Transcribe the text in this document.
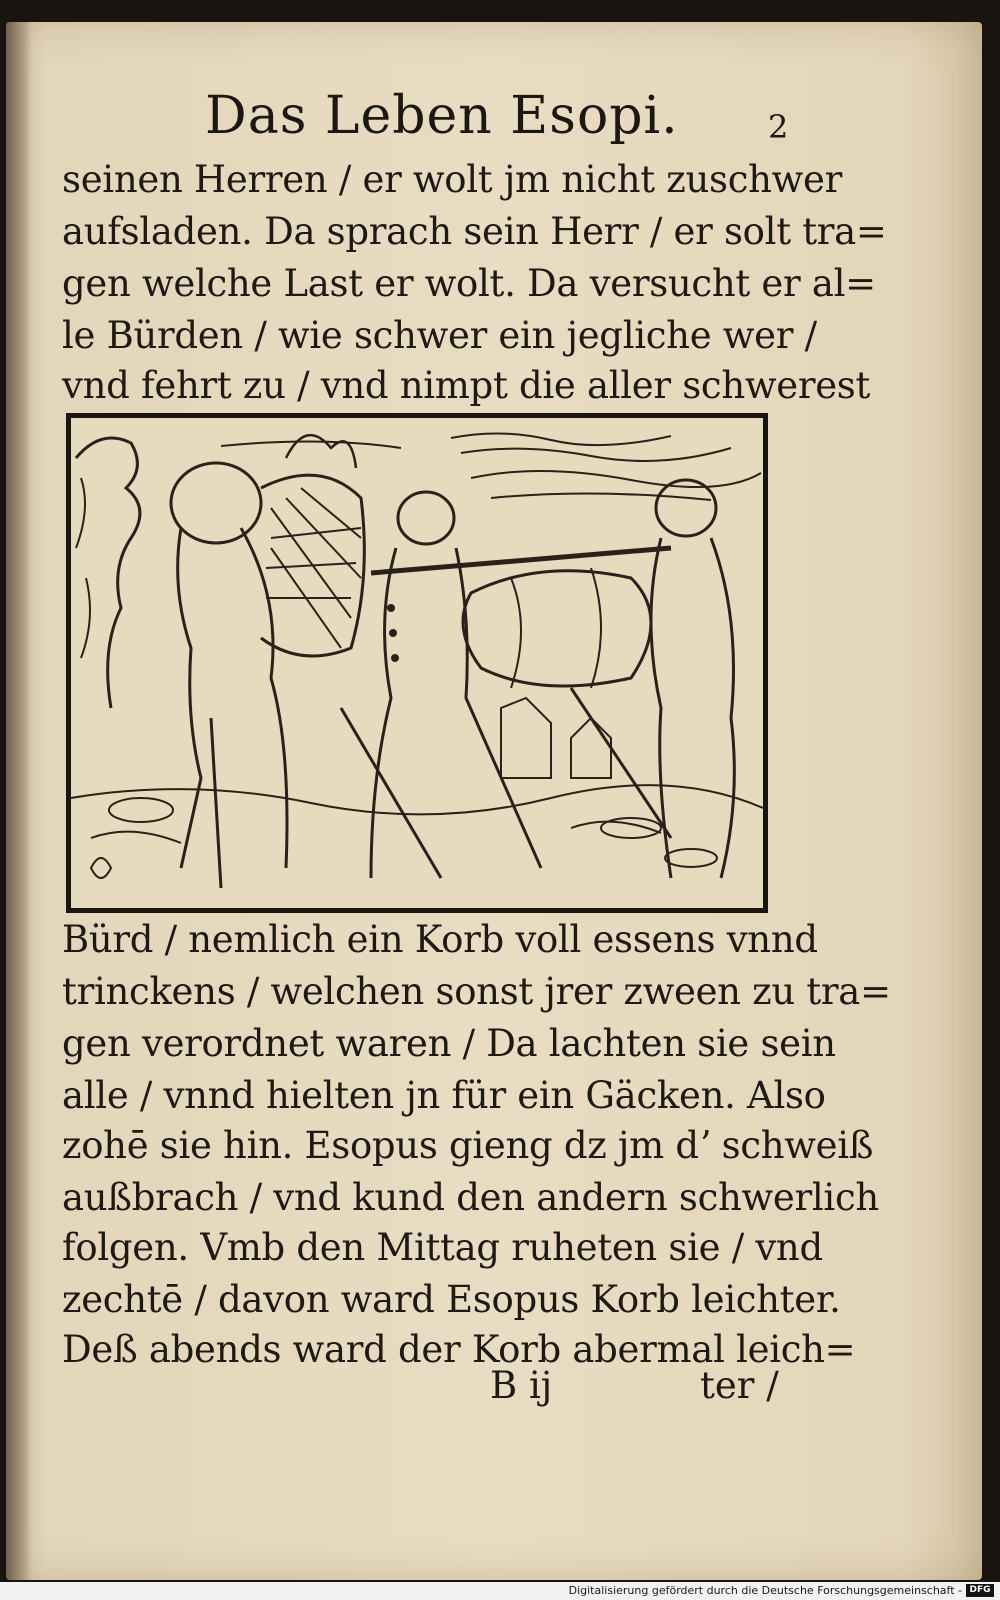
Das Leben Esopi.	2
seinen Herren / er wolt jm nicht zuschwer
aufsladen. Da sprach sein Herr / er solt tra=
gen welche Last er wolt. Da versucht er al=
le Bürden / wie schwer ein jegliche wer /
vnd fehrt zu / vnd nimpt die aller schwerest
Bürd / nemlich ein Korb voll essens vnnd
trinckens / welchen sonst jrer zween zu tra=
gen verordnet waren / Da lachten sie sein
alle / vnnd hielten jn für ein Gäcken. Also
zohē sie hin. Esopus gieng dz jm dʼ schweiß
außbrach / vnd kund den andern schwerlich
folgen. Vmb den Mittag ruheten sie / vnd
zechtē / davon ward Esopus Korb leichter.
Deß abends ward der Korb abermal leich=
B ij	ter /
Digitalisierung gefördert durch die Deutsche Forschungsgemeinschaft - DFG
